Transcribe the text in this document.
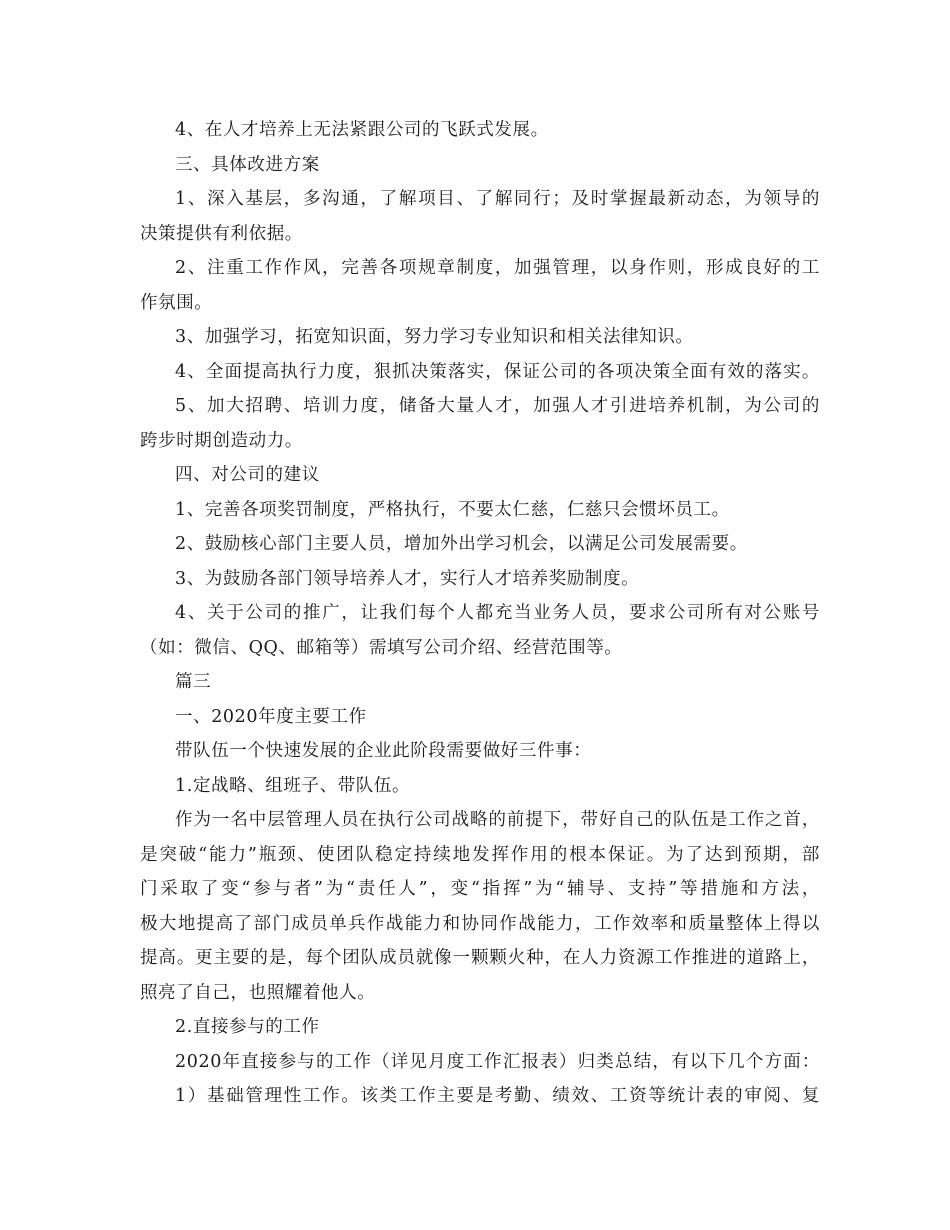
4、在人才培养上无法紧跟公司的飞跃式发展。
三、具体改进方案
1、深入基层，多沟通，了解项目、了解同行；及时掌握最新动态，为领导的
决策提供有利依据。
2、注重工作作风，完善各项规章制度，加强管理，以身作则，形成良好的工
作氛围。
3、加强学习，拓宽知识面，努力学习专业知识和相关法律知识。
4、全面提高执行力度，狠抓决策落实，保证公司的各项决策全面有效的落实。
5、加大招聘、培训力度，储备大量人才，加强人才引进培养机制，为公司的
跨步时期创造动力。
四、对公司的建议
1、完善各项奖罚制度，严格执行，不要太仁慈，仁慈只会惯坏员工。
2、鼓励核心部门主要人员，增加外出学习机会，以满足公司发展需要。
3、为鼓励各部门领导培养人才，实行人才培养奖励制度。
4、关于公司的推广，让我们每个人都充当业务人员，要求公司所有对公账号
（如：微信、QQ、邮箱等）需填写公司介绍、经营范围等。
篇三
一、2020年度主要工作
带队伍一个快速发展的企业此阶段需要做好三件事：
1.定战略、组班子、带队伍。
作为一名中层管理人员在执行公司战略的前提下，带好自己的队伍是工作之首，
是突破“能力”瓶颈、使团队稳定持续地发挥作用的根本保证。为了达到预期，部
门采取了变“参与者”为“责任人”，变“指挥”为“辅导、支持”等措施和方法，
极大地提高了部门成员单兵作战能力和协同作战能力，工作效率和质量整体上得以
提高。更主要的是，每个团队成员就像一颗颗火种，在人力资源工作推进的道路上，
照亮了自己，也照耀着他人。
2.直接参与的工作
2020年直接参与的工作（详见月度工作汇报表）归类总结，有以下几个方面：
1）基础管理性工作。该类工作主要是考勤、绩效、工资等统计表的审阅、复
